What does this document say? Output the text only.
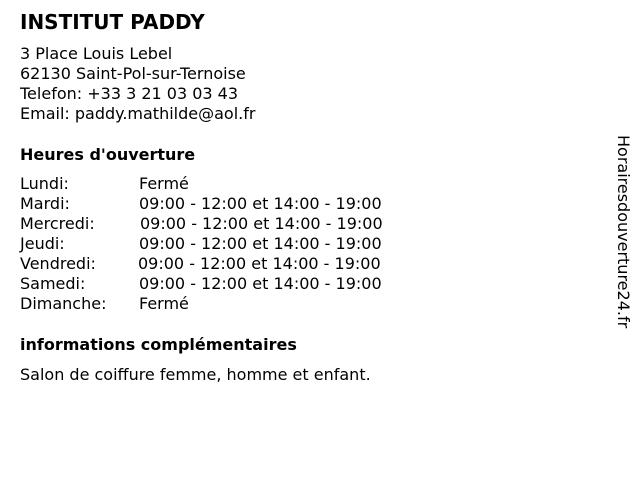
INSTITUT PADDY
3 Place Louis Lebel
62130 Saint-Pol-sur-Ternoise
Telefon: +33 3 21 03 03 43
Email: paddy.mathilde@aol.fr
Heures d'ouverture
Lundi:	Fermé
Mardi:	09:00 - 12:00 et 14:00 - 19:00
Mercredi:	09:00 - 12:00 et 14:00 - 19:00
Jeudi:	09:00 - 12:00 et 14:00 - 19:00
Vendredi:	09:00 - 12:00 et 14:00 - 19:00
Samedi:	09:00 - 12:00 et 14:00 - 19:00
Dimanche: Fermé
informations complémentaires

Salon de coiffure femme, homme et enfant.

Horairesdouverture24.fr
